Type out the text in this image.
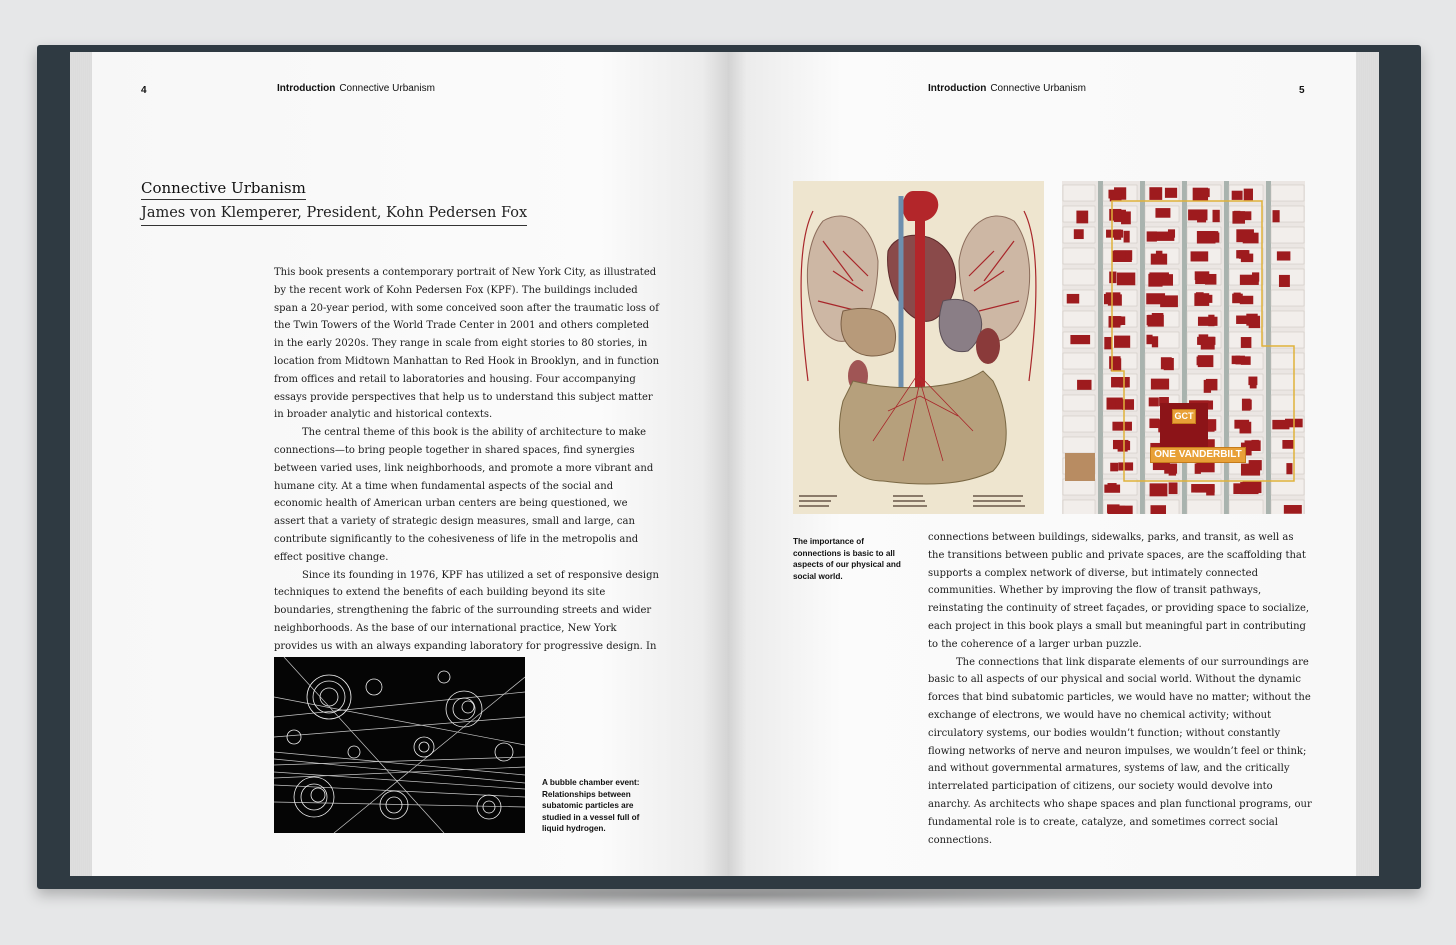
4	Introduction Connective Urbanism
Connective Urbanism
James von Klemperer, President, Kohn Pedersen Fox

This book presents a contemporary portrait of New York City, as illustrated by the recent work of Kohn Pedersen Fox (KPF). The buildings included span a 20-year period, with some conceived soon after the traumatic loss of the Twin Towers of the World Trade Center in 2001 and others completed in the early 2020s. They range in scale from eight stories to 80 stories, in location from Midtown Manhattan to Red Hook in Brooklyn, and in function from offices and retail to laboratories and housing. Four accompanying essays provide perspectives that help us to understand this subject matter in broader analytic and historical contexts.

The central theme of this book is the ability of architecture to make connections—to bring people together in shared spaces, find synergies between varied uses, link neighborhoods, and promote a more vibrant and humane city. At a time when fundamental aspects of the social and economic health of American urban centers are being questioned, we assert that a variety of strategic design measures, small and large, can contribute significantly to the cohesiveness of life in the metropolis and effect positive change.

Since its founding in 1976, KPF has utilized a set of responsive design techniques to extend the benefits of each building beyond its site boundaries, strengthening the fabric of the surrounding streets and wider neighborhoods. As the base of our international practice, New York provides us with an always expanding laboratory for progressive design. In

A bubble chamber event: Relationships between subatomic particles are studied in a vessel full of liquid hydrogen.
Introduction Connective Urbanism	5
GCT
ONE VANDERBILT
The importance of connections is basic to all aspects of our physical and social world.

connections between buildings, sidewalks, parks, and transit, as well as the transitions between public and private spaces, are the scaffolding that supports a complex network of diverse, but intimately connected communities. Whether by improving the flow of transit pathways, reinstating the continuity of street façades, or providing space to socialize, each project in this book plays a small but meaningful part in contributing to the coherence of a larger urban puzzle.

The connections that link disparate elements of our surroundings are basic to all aspects of our physical and social world. Without the dynamic forces that bind subatomic particles, we would have no matter; without the exchange of electrons, we would have no chemical activity; without circulatory systems, our bodies wouldn’t function; without constantly flowing networks of nerve and neuron impulses, we wouldn’t feel or think; and without governmental armatures, systems of law, and the critically interrelated participation of citizens, our society would devolve into anarchy. As architects who shape spaces and plan functional programs, our fundamental role is to create, catalyze, and sometimes correct social connections.
